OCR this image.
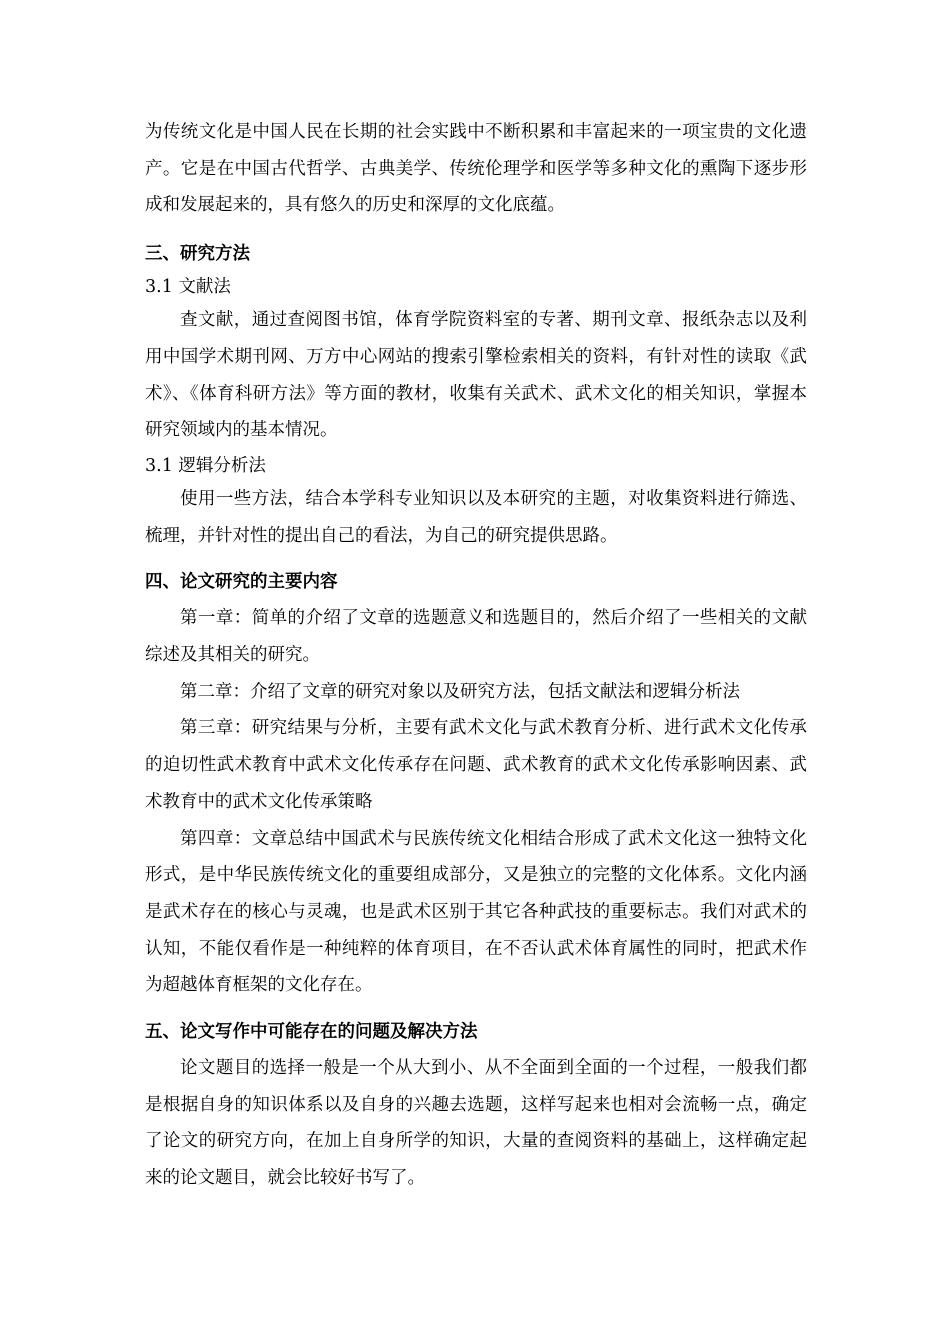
为传统文化是中国人民在长期的社会实践中不断积累和丰富起来的一项宝贵的文化遗产。它是在中国古代哲学、古典美学、传统伦理学和医学等多种文化的熏陶下逐步形成和发展起来的，具有悠久的历史和深厚的文化底蕴。

三、研究方法
3.1 文献法

查文献，通过查阅图书馆，体育学院资料室的专著、期刊文章、报纸杂志以及利用中国学术期刊网、万方中心网站的搜索引擎检索相关的资料，有针对性的读取《武术》、《体育科研方法》等方面的教材，收集有关武术、武术文化的相关知识，掌握本研究领域内的基本情况。

3.1 逻辑分析法

使用一些方法，结合本学科专业知识以及本研究的主题，对收集资料进行筛选、梳理，并针对性的提出自己的看法，为自己的研究提供思路。

四、论文研究的主要内容

第一章：简单的介绍了文章的选题意义和选题目的，然后介绍了一些相关的文献综述及其相关的研究。

第二章：介绍了文章的研究对象以及研究方法，包括文献法和逻辑分析法

第三章：研究结果与分析，主要有武术文化与武术教育分析、进行武术文化传承的迫切性武术教育中武术文化传承存在问题、武术教育的武术文化传承影响因素、武术教育中的武术文化传承策略

第四章：文章总结中国武术与民族传统文化相结合形成了武术文化这一独特文化形式，是中华民族传统文化的重要组成部分，又是独立的完整的文化体系。文化内涵是武术存在的核心与灵魂，也是武术区别于其它各种武技的重要标志。我们对武术的认知，不能仅看作是一种纯粹的体育项目，在不否认武术体育属性的同时，把武术作为超越体育框架的文化存在。

五、论文写作中可能存在的问题及解决方法

论文题目的选择一般是一个从大到小、从不全面到全面的一个过程，一般我们都是根据自身的知识体系以及自身的兴趣去选题，这样写起来也相对会流畅一点，确定了论文的研究方向，在加上自身所学的知识，大量的查阅资料的基础上，这样确定起来的论文题目，就会比较好书写了。
